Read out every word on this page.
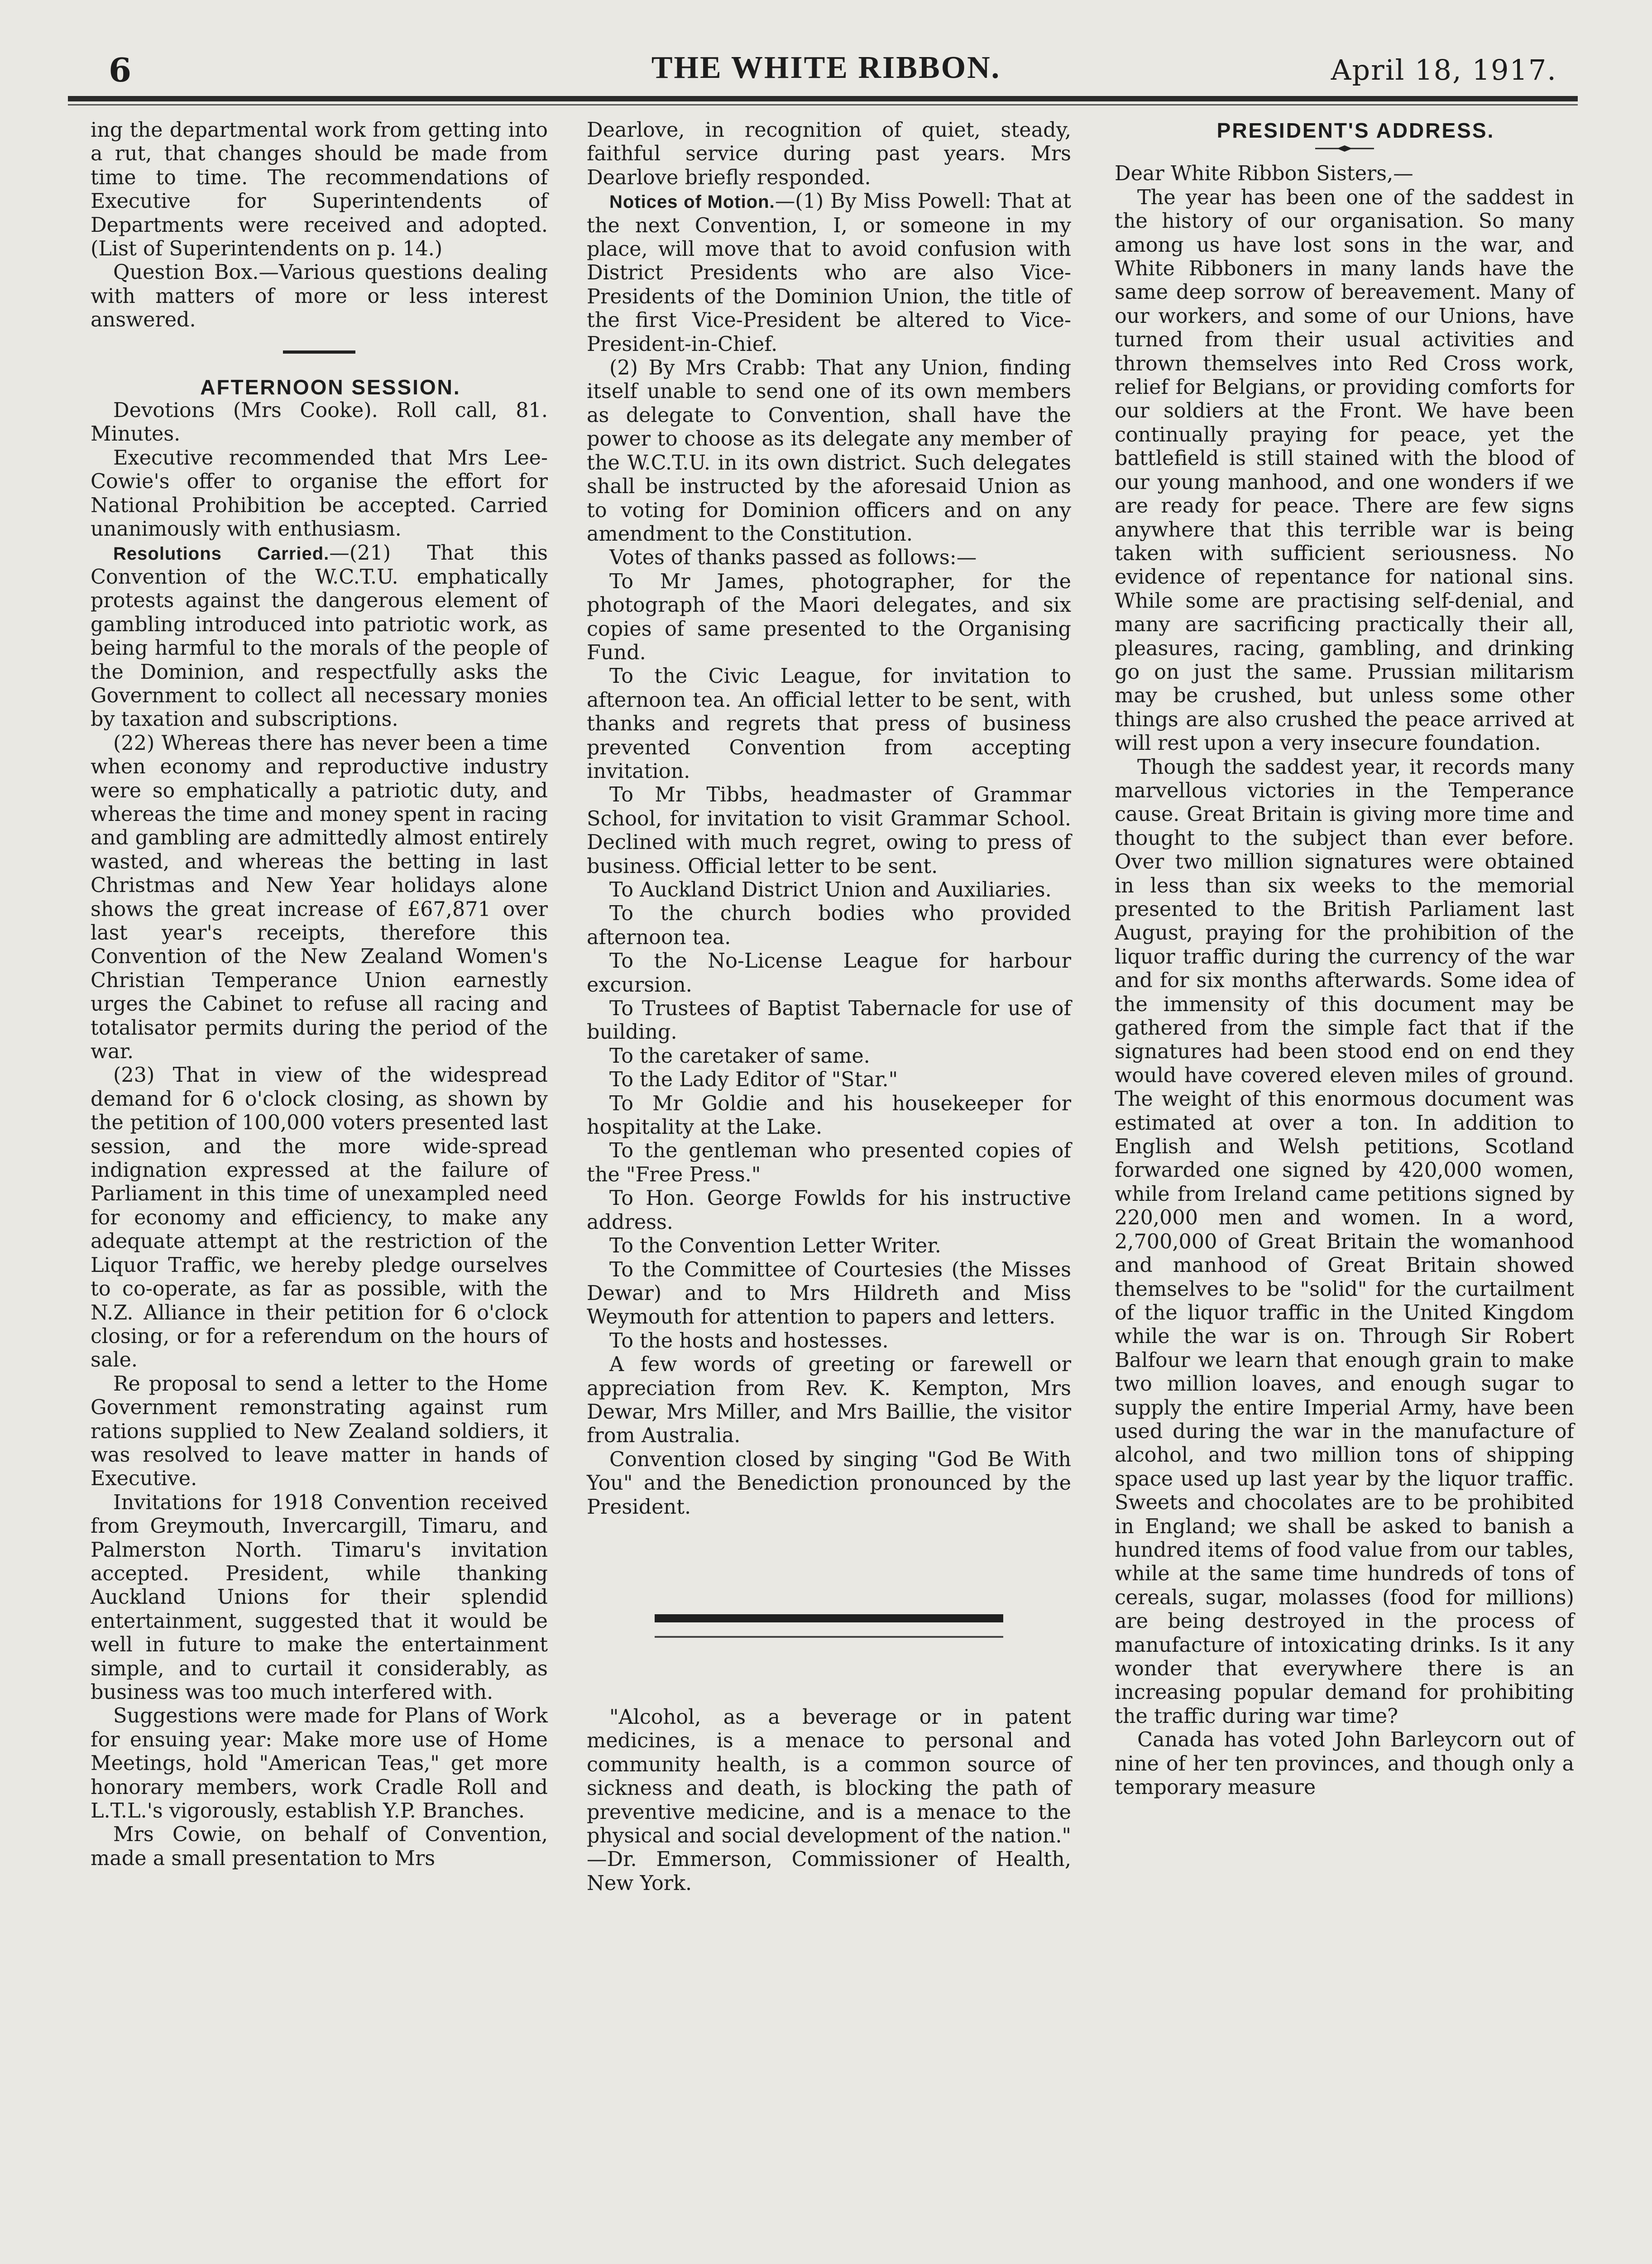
6	THE WHITE RIBBON.	April 18, 1917.

ing the departmental work from getting into a rut, that changes should be made from time to time. The recommendations of Executive for Superintendents of Departments were received and adopted. (List of Superintendents on p. 14.)

Question Box.—Various questions dealing with matters of more or less interest answered.

AFTERNOON SESSION.

Devotions (Mrs Cooke). Roll call, 81. Minutes.

Executive recommended that Mrs Lee-Cowie's offer to organise the effort for National Prohibition be accepted. Carried unanimously with enthusiasm.

Resolutions Carried.—(21) That this Convention of the W.C.T.U. emphatically protests against the dangerous element of gambling introduced into patriotic work, as being harmful to the morals of the people of the Dominion, and respectfully asks the Government to collect all necessary monies by taxation and subscriptions.

(22) Whereas there has never been a time when economy and reproductive industry were so emphatically a patriotic duty, and whereas the time and money spent in racing and gambling are admittedly almost entirely wasted, and whereas the betting in last Christmas and New Year holidays alone shows the great increase of £67,871 over last year's receipts, therefore this Convention of the New Zealand Women's Christian Temperance Union earnestly urges the Cabinet to refuse all racing and totalisator permits during the period of the war.

(23) That in view of the widespread demand for 6 o'clock closing, as shown by the petition of 100,000 voters presented last session, and the more wide-spread indignation expressed at the failure of Parliament in this time of unexampled need for economy and efficiency, to make any adequate attempt at the restriction of the Liquor Traffic, we hereby pledge ourselves to co-operate, as far as possible, with the N.Z. Alliance in their petition for 6 o'clock closing, or for a referendum on the hours of sale.

Re proposal to send a letter to the Home Government remonstrating against rum rations supplied to New Zealand soldiers, it was resolved to leave matter in hands of Executive.

Invitations for 1918 Convention received from Greymouth, Invercargill, Timaru, and Palmerston North. Timaru's invitation accepted. President, while thanking Auckland Unions for their splendid entertainment, suggested that it would be well in future to make the entertainment simple, and to curtail it considerably, as business was too much interfered with.

Suggestions were made for Plans of Work for ensuing year: Make more use of Home Meetings, hold "American Teas," get more honorary members, work Cradle Roll and L.T.L.'s vigorously, establish Y.P. Branches.

Mrs Cowie, on behalf of Convention, made a small presentation to Mrs

Dearlove, in recognition of quiet, steady, faithful service during past years. Mrs Dearlove briefly responded.

Notices of Motion.—(1) By Miss Powell: That at the next Convention, I, or someone in my place, will move that to avoid confusion with District Presidents who are also Vice-Presidents of the Dominion Union, the title of the first Vice-President be altered to Vice-President-in-Chief.

(2) By Mrs Crabb: That any Union, finding itself unable to send one of its own members as delegate to Convention, shall have the power to choose as its delegate any member of the W.C.T.U. in its own district. Such delegates shall be instructed by the aforesaid Union as to voting for Dominion officers and on any amendment to the Constitution.

Votes of thanks passed as follows:—

To Mr James, photographer, for the photograph of the Maori delegates, and six copies of same presented to the Organising Fund.

To the Civic League, for invitation to afternoon tea. An official letter to be sent, with thanks and regrets that press of business prevented Convention from accepting invitation.

To Mr Tibbs, headmaster of Grammar School, for invitation to visit Grammar School. Declined with much regret, owing to press of business. Official letter to be sent.

To Auckland District Union and Auxiliaries.

To the church bodies who provided afternoon tea.

To the No-License League for harbour excursion.

To Trustees of Baptist Tabernacle for use of building.

To the caretaker of same.

To the Lady Editor of "Star."

To Mr Goldie and his housekeeper for hospitality at the Lake.

To the gentleman who presented copies of the "Free Press."

To Hon. George Fowlds for his instructive address.

To the Convention Letter Writer.

To the Committee of Courtesies (the Misses Dewar) and to Mrs Hildreth and Miss Weymouth for attention to papers and letters.

To the hosts and hostesses.

A few words of greeting or farewell or appreciation from Rev. K. Kempton, Mrs Dewar, Mrs Miller, and Mrs Baillie, the visitor from Australia.

Convention closed by singing "God Be With You" and the Benediction pronounced by the President.

"Alcohol, as a beverage or in patent medicines, is a menace to personal and community health, is a common source of sickness and death, is blocking the path of preventive medicine, and is a menace to the physical and social development of the nation." —Dr. Emmerson, Commissioner of Health, New York.

PRESIDENT'S ADDRESS.

Dear White Ribbon Sisters,—

The year has been one of the saddest in the history of our organisation. So many among us have lost sons in the war, and White Ribboners in many lands have the same deep sorrow of bereavement. Many of our workers, and some of our Unions, have turned from their usual activities and thrown themselves into Red Cross work, relief for Belgians, or providing comforts for our soldiers at the Front. We have been continually praying for peace, yet the battlefield is still stained with the blood of our young manhood, and one wonders if we are ready for peace. There are few signs anywhere that this terrible war is being taken with sufficient seriousness. No evidence of repentance for national sins. While some are practising self-denial, and many are sacrificing practically their all, pleasures, racing, gambling, and drinking go on just the same. Prussian militarism may be crushed, but unless some other things are also crushed the peace arrived at will rest upon a very insecure foundation.

Though the saddest year, it records many marvellous victories in the Temperance cause. Great Britain is giving more time and thought to the subject than ever before. Over two million signatures were obtained in less than six weeks to the memorial presented to the British Parliament last August, praying for the prohibition of the liquor traffic during the currency of the war and for six months afterwards. Some idea of the immensity of this document may be gathered from the simple fact that if the signatures had been stood end on end they would have covered eleven miles of ground. The weight of this enormous document was estimated at over a ton. In addition to English and Welsh petitions, Scotland forwarded one signed by 420,000 women, while from Ireland came petitions signed by 220,000 men and women. In a word, 2,700,000 of Great Britain the womanhood and manhood of Great Britain showed themselves to be "solid" for the curtailment of the liquor traffic in the United Kingdom while the war is on. Through Sir Robert Balfour we learn that enough grain to make two million loaves, and enough sugar to supply the entire Imperial Army, have been used during the war in the manufacture of alcohol, and two million tons of shipping space used up last year by the liquor traffic. Sweets and chocolates are to be prohibited in England; we shall be asked to banish a hundred items of food value from our tables, while at the same time hundreds of tons of cereals, sugar, molasses (food for millions) are being destroyed in the process of manufacture of intoxicating drinks. Is it any wonder that everywhere there is an increasing popular demand for prohibiting the traffic during war time?

Canada has voted John Barleycorn out of nine of her ten provinces, and though only a temporary measure
